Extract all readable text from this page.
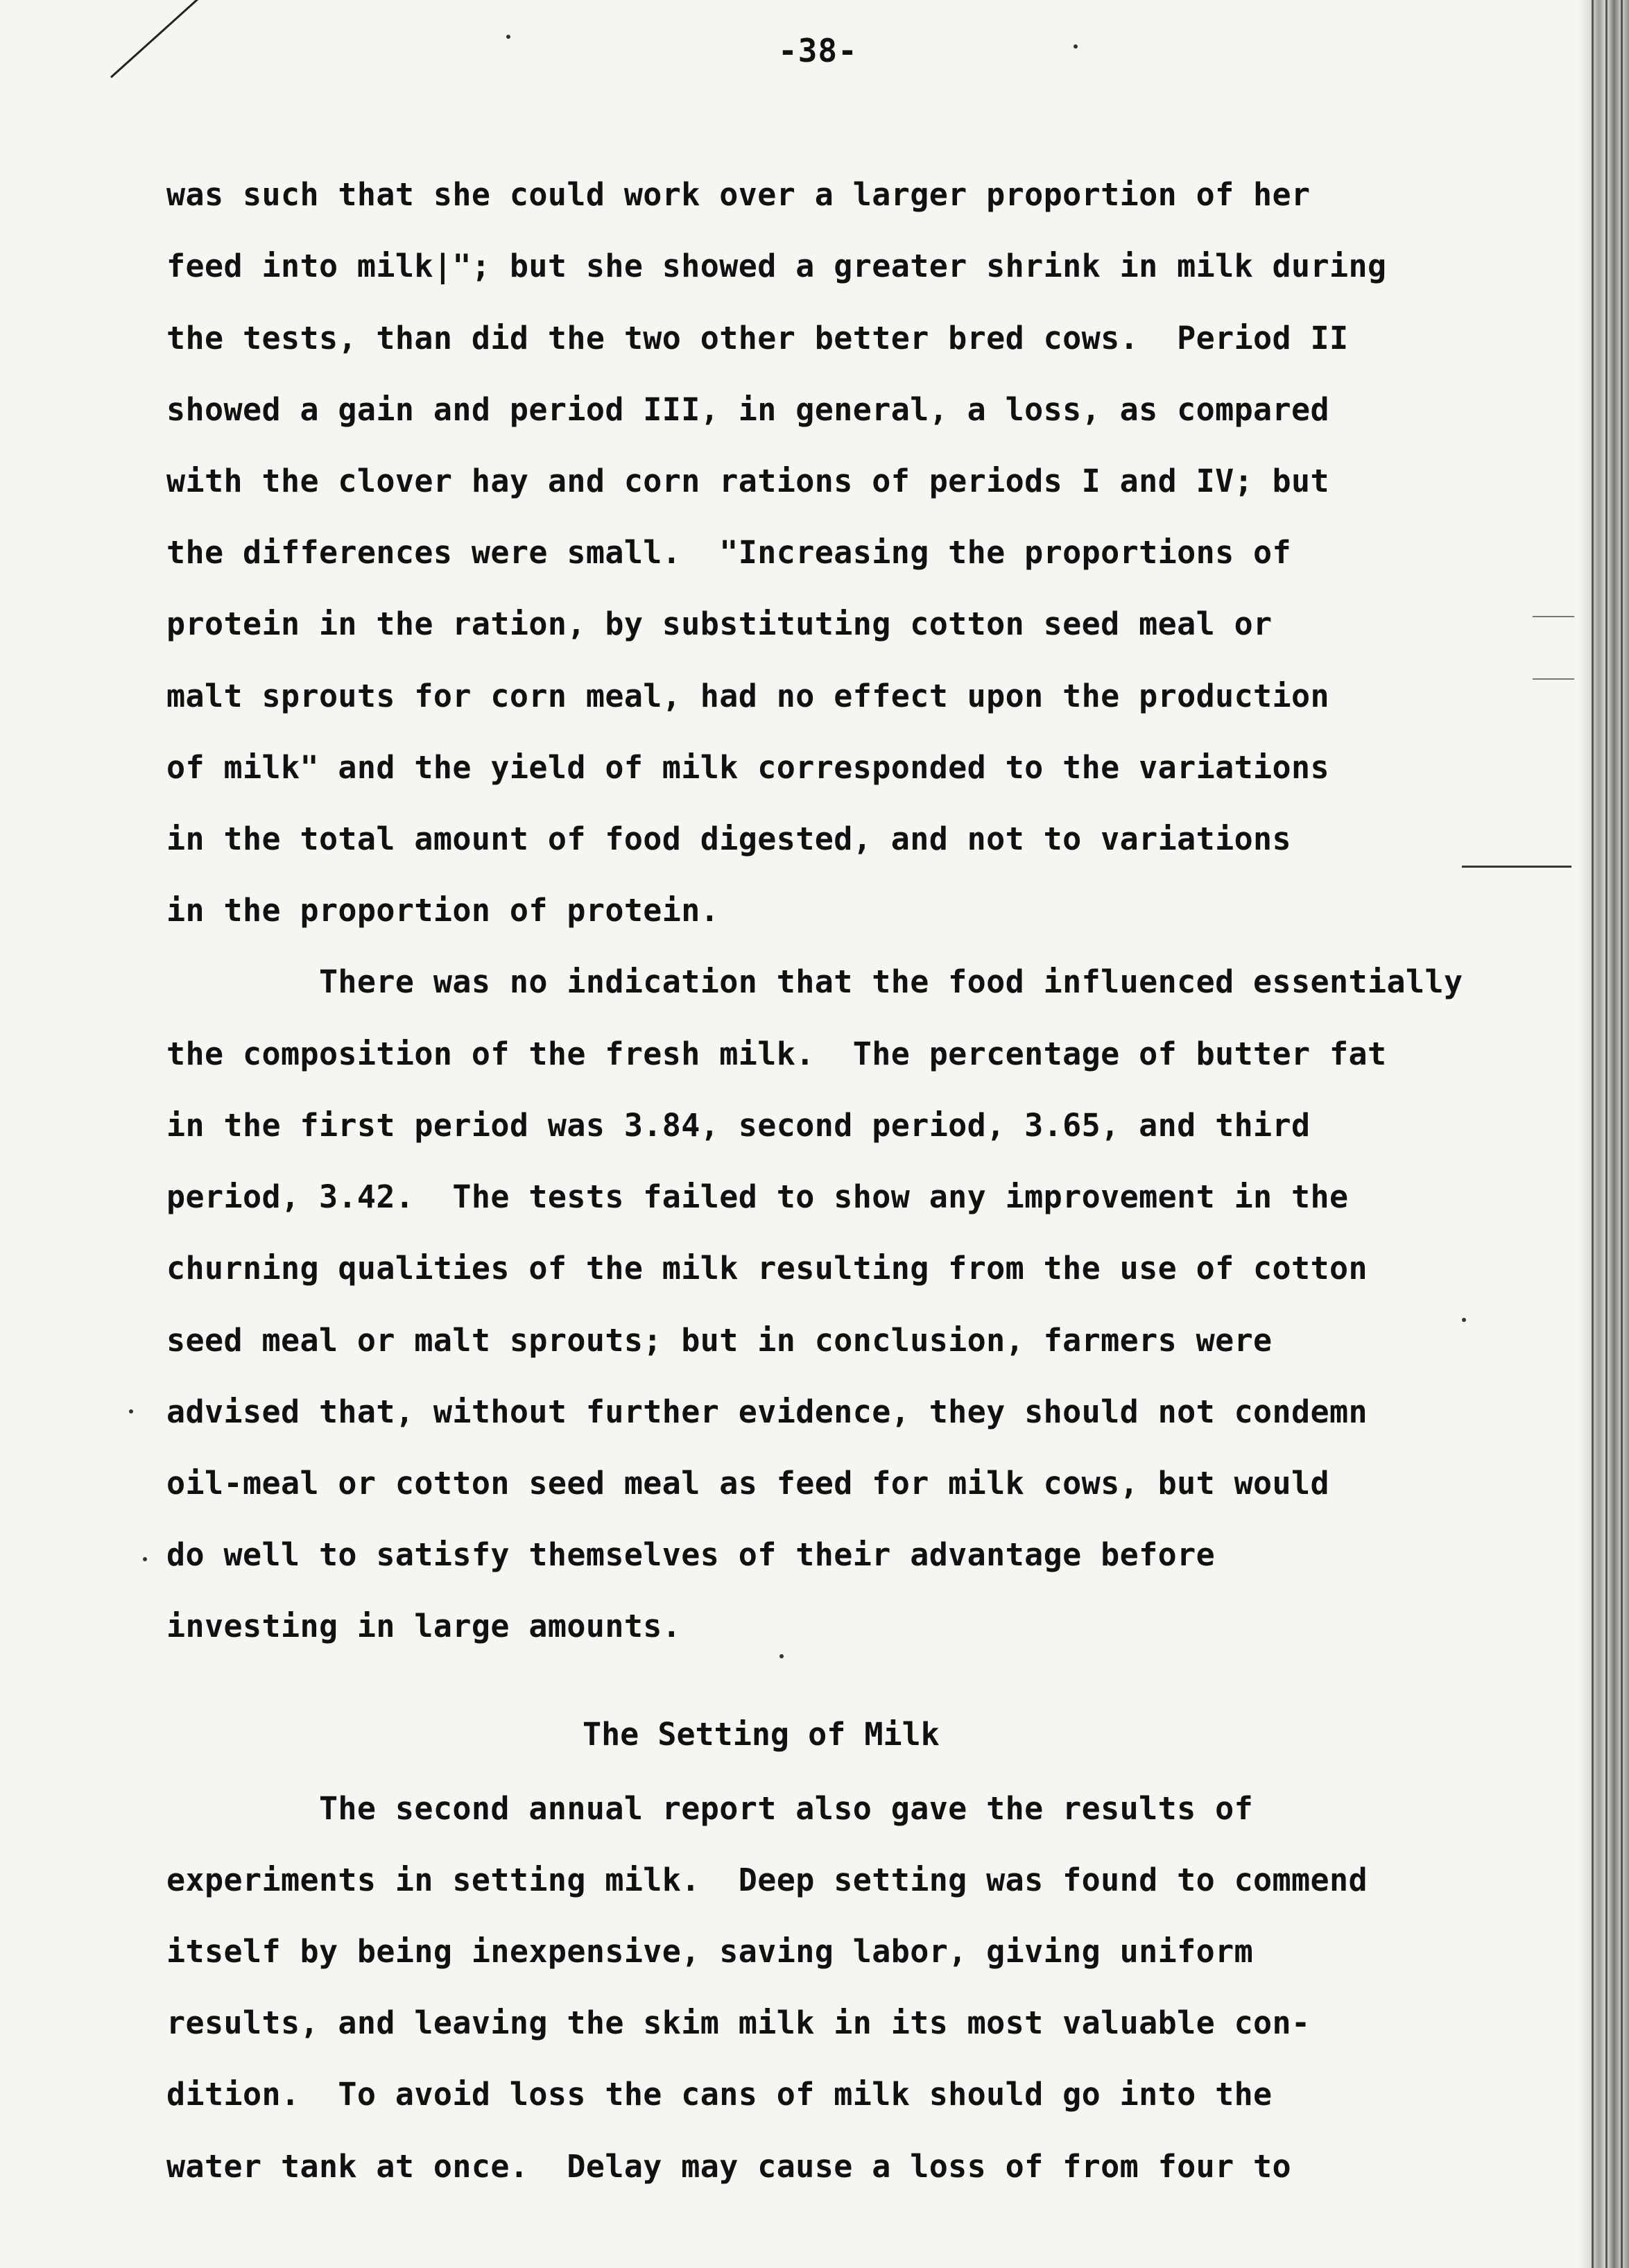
-38-
was such that she could work over a larger proportion of her
feed into milk|"; but she showed a greater shrink in milk during
the tests, than did the two other better bred cows.  Period II
showed a gain and period III, in general, a loss, as compared
with the clover hay and corn rations of periods I and IV; but
the differences were small.  "Increasing the proportions of
protein in the ration, by substituting cotton seed meal or
malt sprouts for corn meal, had no effect upon the production
of milk" and the yield of milk corresponded to the variations
in the total amount of food digested, and not to variations
in the proportion of protein.
There was no indication that the food influenced essentially
the composition of the fresh milk.  The percentage of butter fat
in the first period was 3.84, second period, 3.65, and third
period, 3.42.  The tests failed to show any improvement in the
churning qualities of the milk resulting from the use of cotton
seed meal or malt sprouts; but in conclusion, farmers were
advised that, without further evidence, they should not condemn
oil-meal or cotton seed meal as feed for milk cows, but would
do well to satisfy themselves of their advantage before
investing in large amounts.
The Setting of Milk
The second annual report also gave the results of
experiments in setting milk.  Deep setting was found to commend
itself by being inexpensive, saving labor, giving uniform
results, and leaving the skim milk in its most valuable con-
dition.  To avoid loss the cans of milk should go into the
water tank at once.  Delay may cause a loss of from four to
